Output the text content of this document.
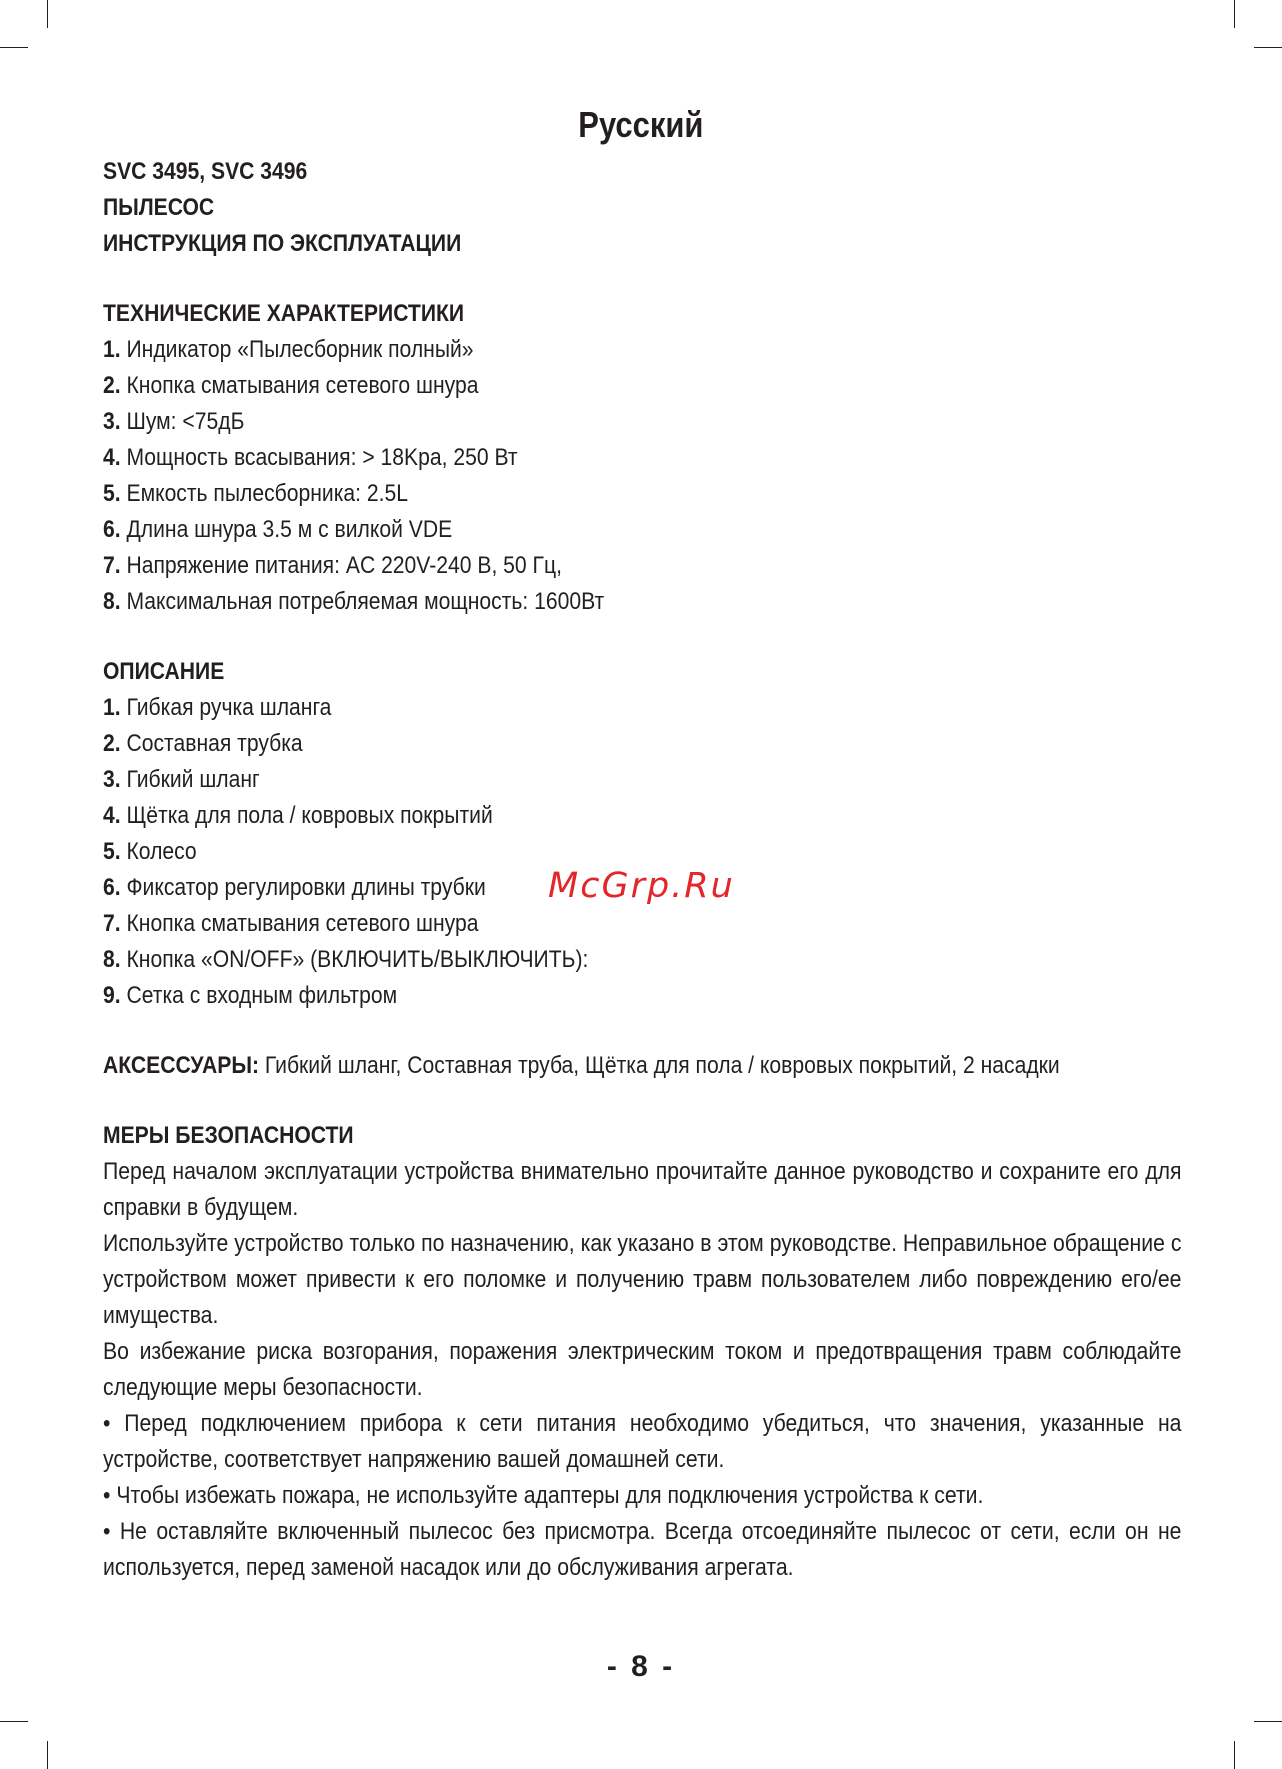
Русский
SVC 3495, SVC 3496
ПЫЛЕСОС
ИНСТРУКЦИЯ ПО ЭКСПЛУАТАЦИИ
ТЕХНИЧЕСКИЕ ХАРАКТЕРИСТИКИ
1. Индикатор «Пылесборник полный»
2. Кнопка сматывания сетевого шнура
3. Шум: <75дБ
4. Мощность всасывания: > 18Kpa, 250 Вт
5. Емкость пылесборника: 2.5L
6. Длина шнура 3.5 м с вилкой VDE
7. Напряжение питания: AC 220V-240 В, 50 Гц,
8. Максимальная потребляемая мощность: 1600Вт
ОПИСАНИЕ
1. Гибкая ручка шланга
2. Составная трубка
3. Гибкий шланг
4. Щётка для пола / ковровых покрытий
5. Колесо
6. Фиксатор регулировки длины трубки
7. Кнопка сматывания сетевого шнура
8. Кнопка «ON/OFF» (ВКЛЮЧИТЬ/ВЫКЛЮЧИТЬ):
9. Сетка с входным фильтром
АКСЕССУАРЫ: Гибкий шланг, Составная труба, Щётка для пола / ковровых покрытий, 2 насадки
МЕРЫ БЕЗОПАСНОСТИ
Перед началом эксплуатации устройства внимательно прочитайте данное руководство и сохраните его для справки в будущем.
Используйте устройство только по назначению, как указано в этом руководстве. Неправильное обращение с устройством может привести к его поломке и получению травм пользователем либо повреждению его/ее имущества.
Во избежание риска возгорания, поражения электрическим током и предотвращения травм соблюдайте следующие меры безопасности.
• Перед подключением прибора к сети питания необходимо убедиться, что значения, указанные на устройстве, соответствует напряжению вашей домашней сети.
• Чтобы избежать пожара, не используйте адаптеры для подключения устройства к сети.
• Не оставляйте включенный пылесос без присмотра. Всегда отсоединяйте пылесос от сети, если он не используется, перед заменой насадок или до обслуживания агрегата.
McGrp.Ru
- 8 -
